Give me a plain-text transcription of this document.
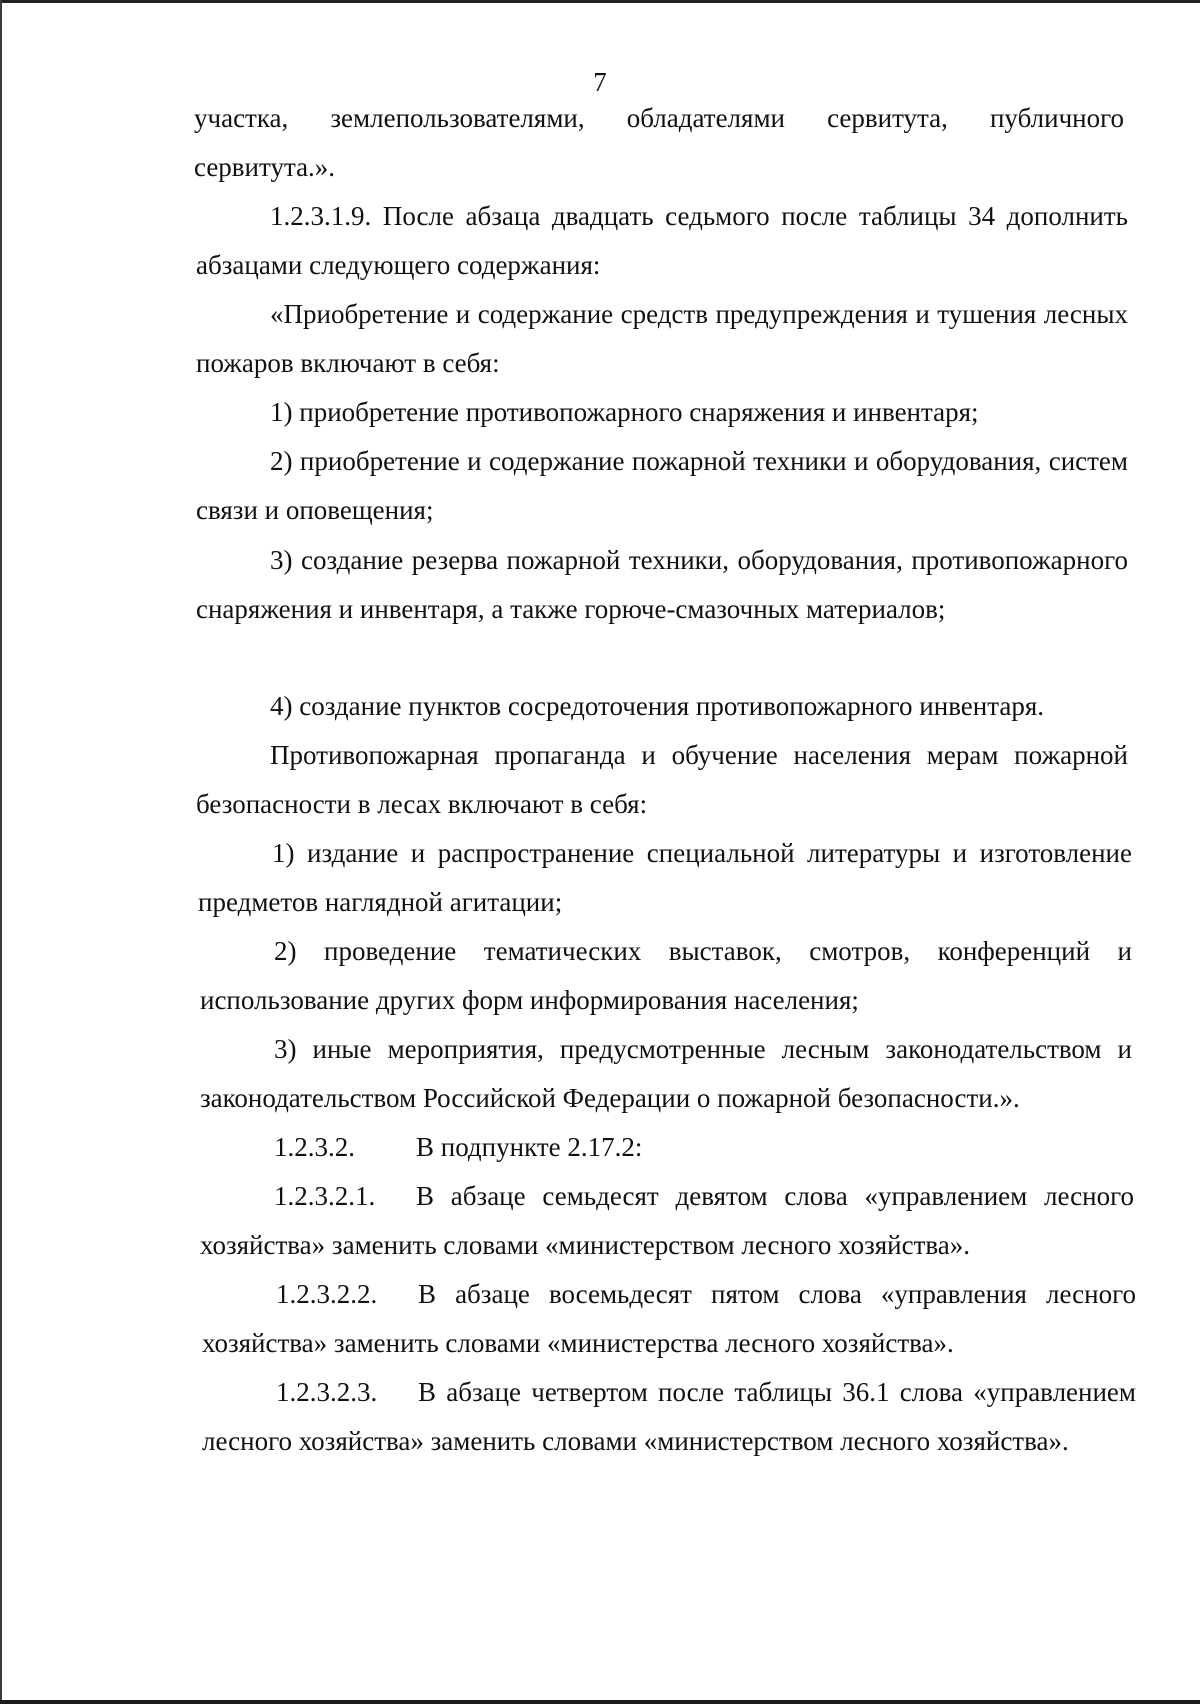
7

участка, землепользователями, обладателями сервитута, публичного сервитута.».

1.2.3.1.9. После абзаца двадцать седьмого после таблицы 34 дополнить абзацами следующего содержания:

«Приобретение и содержание средств предупреждения и тушения лесных пожаров включают в себя:

1) приобретение противопожарного снаряжения и инвентаря;

2) приобретение и содержание пожарной техники и оборудования, систем связи и оповещения;

3) создание резерва пожарной техники, оборудования, противопожарного снаряжения и инвентаря, а также горюче-смазочных материалов;

4) создание пунктов сосредоточения противопожарного инвентаря.

Противопожарная пропаганда и обучение населения мерам пожарной безопасности в лесах включают в себя:

1) издание и распространение специальной литературы и изготовление предметов наглядной агитации;

2) проведение тематических выставок, смотров, конференций и использование других форм информирования населения;

3) иные мероприятия, предусмотренные лесным законодательством и законодательством Российской Федерации о пожарной безопасности.».

1.2.3.2. В подпункте 2.17.2:

1.2.3.2.1. В абзаце семьдесят девятом слова «управлением лесного хозяйства» заменить словами «министерством лесного хозяйства».

1.2.3.2.2. В абзаце восемьдесят пятом слова «управления лесного хозяйства» заменить словами «министерства лесного хозяйства».

1.2.3.2.3. В абзаце четвертом после таблицы 36.1 слова «управлением лесного хозяйства» заменить словами «министерством лесного хозяйства».
